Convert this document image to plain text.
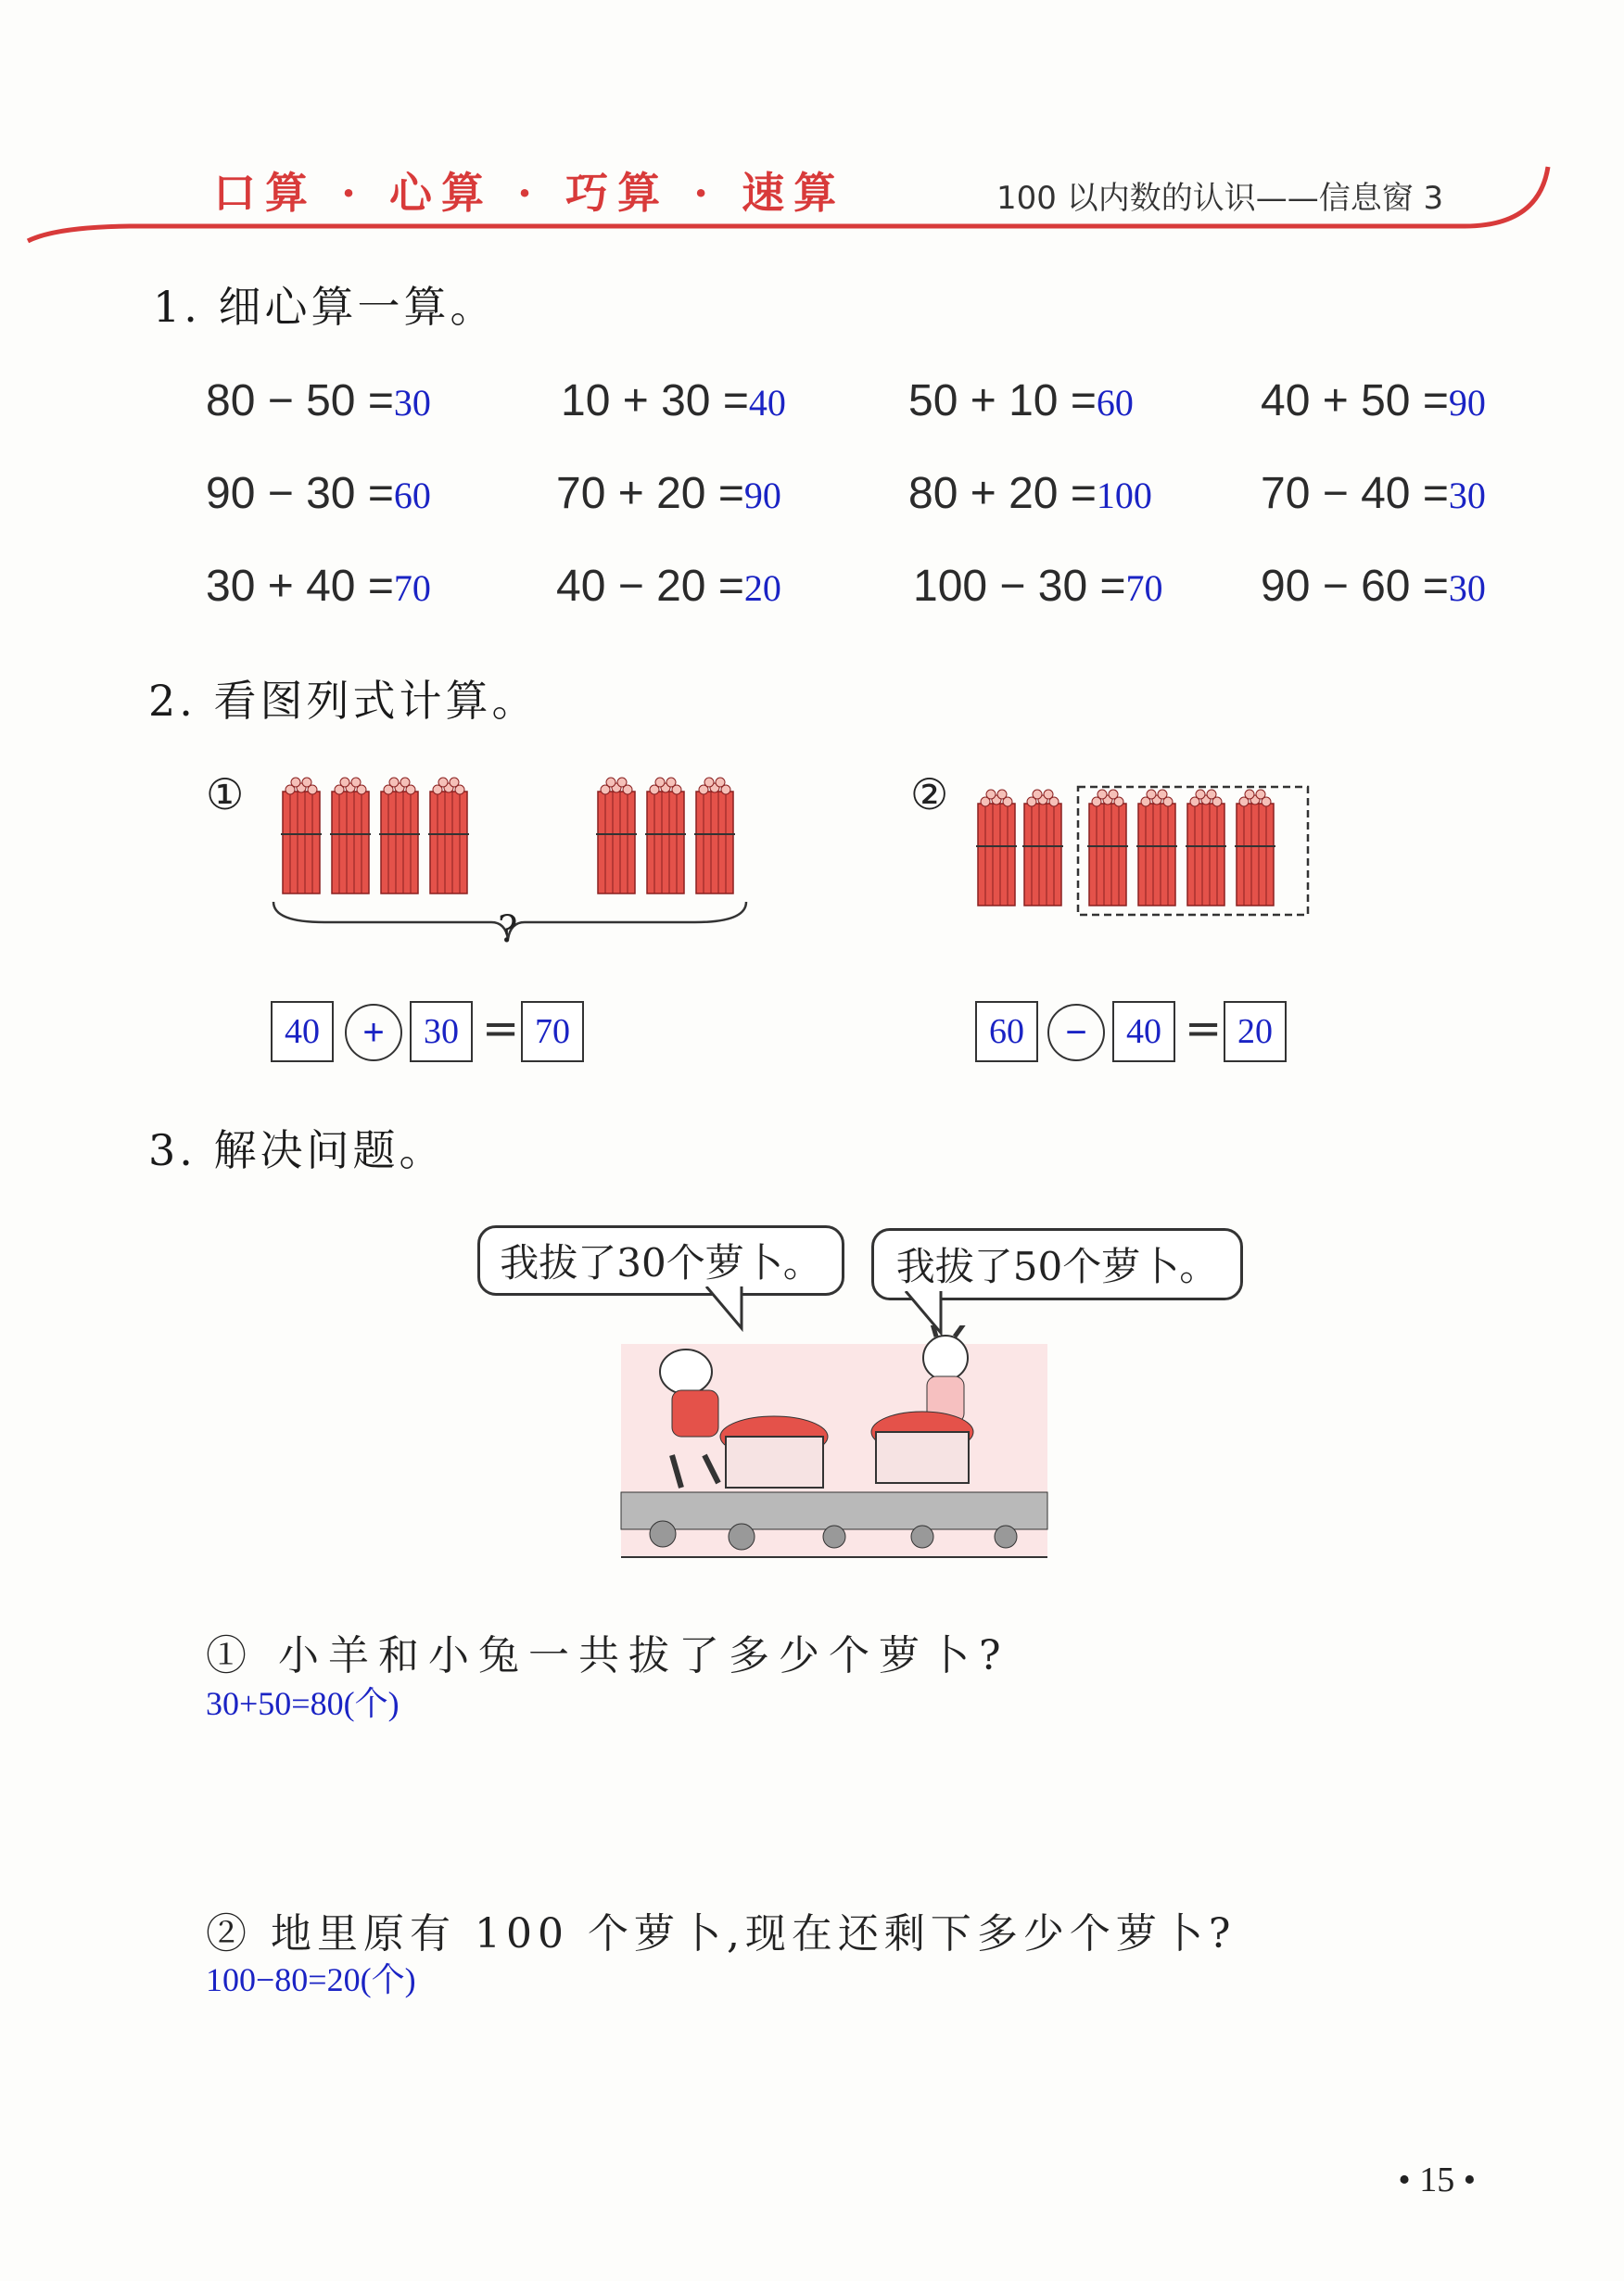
口算 · 心算 · 巧算 · 速算	100 以内数的认识——信息窗 3
1. 细心算一算。
80 − 50 =30	10 + 30 =40	50 + 10 =60	40 + 50 =90
90 − 30 =60	70 + 20 =90	80 + 20 =100 70 − 40 =30
30 + 40 =70	40 − 20 =20	100 − 30 =70 90 − 60 =30
2. 看图列式计算。
①
?
40	+	30 = 70
②
60	−	40 = 20
3. 解决问题。
我拔了30个萝卜。	我拔了50个萝卜。
① 小羊和小兔一共拔了多少个萝卜?
30+50=80(个)
② 地里原有 100 个萝卜,现在还剩下多少个萝卜?
100−80=20(个)
• 15 •
